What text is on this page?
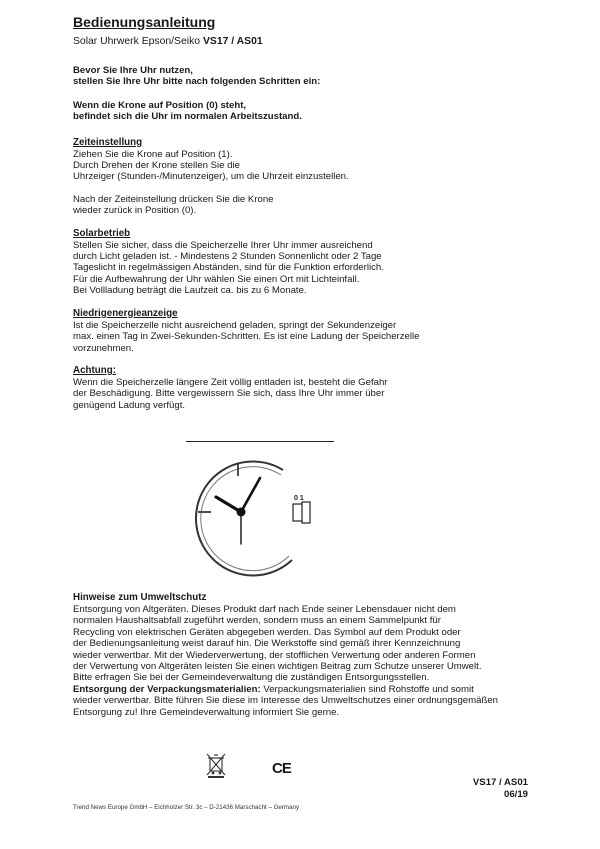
Bedienungsanleitung

Solar Uhrwerk Epson/Seiko VS17 / AS01

Bevor Sie Ihre Uhr nutzen,
stellen Sie Ihre Uhr bitte nach folgenden Schritten ein:
Wenn die Krone auf Position (0) steht,
befindet sich die Uhr im normalen Arbeitszustand.

Zeiteinstellung

Ziehen Sie die Krone auf Position (1).
Durch Drehen der Krone stellen Sie die
Uhrzeiger (Stunden-/Minutenzeiger), um die Uhrzeit einzustellen.
Nach der Zeiteinstellung drücken Sie die Krone
wieder zurück in Position (0).

Solarbetrieb

Stellen Sie sicher, dass die Speicherzelle Ihrer Uhr immer ausreichend
durch Licht geladen ist. - Mindestens 2 Stunden Sonnenlicht oder 2 Tage
Tageslicht in regelmässigen Abständen, sind für die Funktion erforderlich.
Für die Aufbewahrung der Uhr wählen Sie einen Ort mit Lichteinfall.
Bei Vollladung beträgt die Laufzeit ca. bis zu 6 Monate.

Niedrigenergieanzeige

Ist die Speicherzelle nicht ausreichend geladen, springt der Sekundenzeiger
max. einen Tag in Zwei-Sekunden-Schritten. Es ist eine Ladung der Speicherzelle
vorzunehmen.

Achtung:

Wenn die Speicherzelle längere Zeit völlig entladen ist, besteht die Gefahr
der Beschädigung. Bitte vergewissern Sie sich, dass Ihre Uhr immer über
genügend Ladung verfügt.
0 1

Hinweise zum Umweltschutz

Entsorgung von Altgeräten. Dieses Produkt darf nach Ende seiner Lebensdauer nicht dem
normalen Haushaltsabfall zugeführt werden, sondern muss an einem Sammelpunkt für
Recycling von elektrischen Geräten abgegeben werden. Das Symbol auf dem Produkt oder
der Bedienungsanleitung weist darauf hin. Die Werkstoffe sind gemäß ihrer Kennzeichnung
wieder verwertbar. Mit der Wiederverwertung, der stofflichen Verwertung oder anderen Formen
der Verwertung von Altgeräten leisten Sie einen wichtigen Beitrag zum Schutze unserer Umwelt.
Bitte erfragen Sie bei der Gemeindeverwaltung die zuständigen Entsorgungsstellen.
Entsorgung der Verpackungsmaterialien: Verpackungsmaterialien sind Rohstoffe und somit
wieder verwertbar. Bitte führen Sie diese im Interesse des Umweltschutzes einer ordnungsgemäßen
Entsorgung zu! Ihre Gemeindeverwaltung informiert Sie gerne.
CE
VS17 / AS01
06/19
Trend News Europe GmbH – Eichholzer Str. 3c – D-21436 Marschacht – Germany
